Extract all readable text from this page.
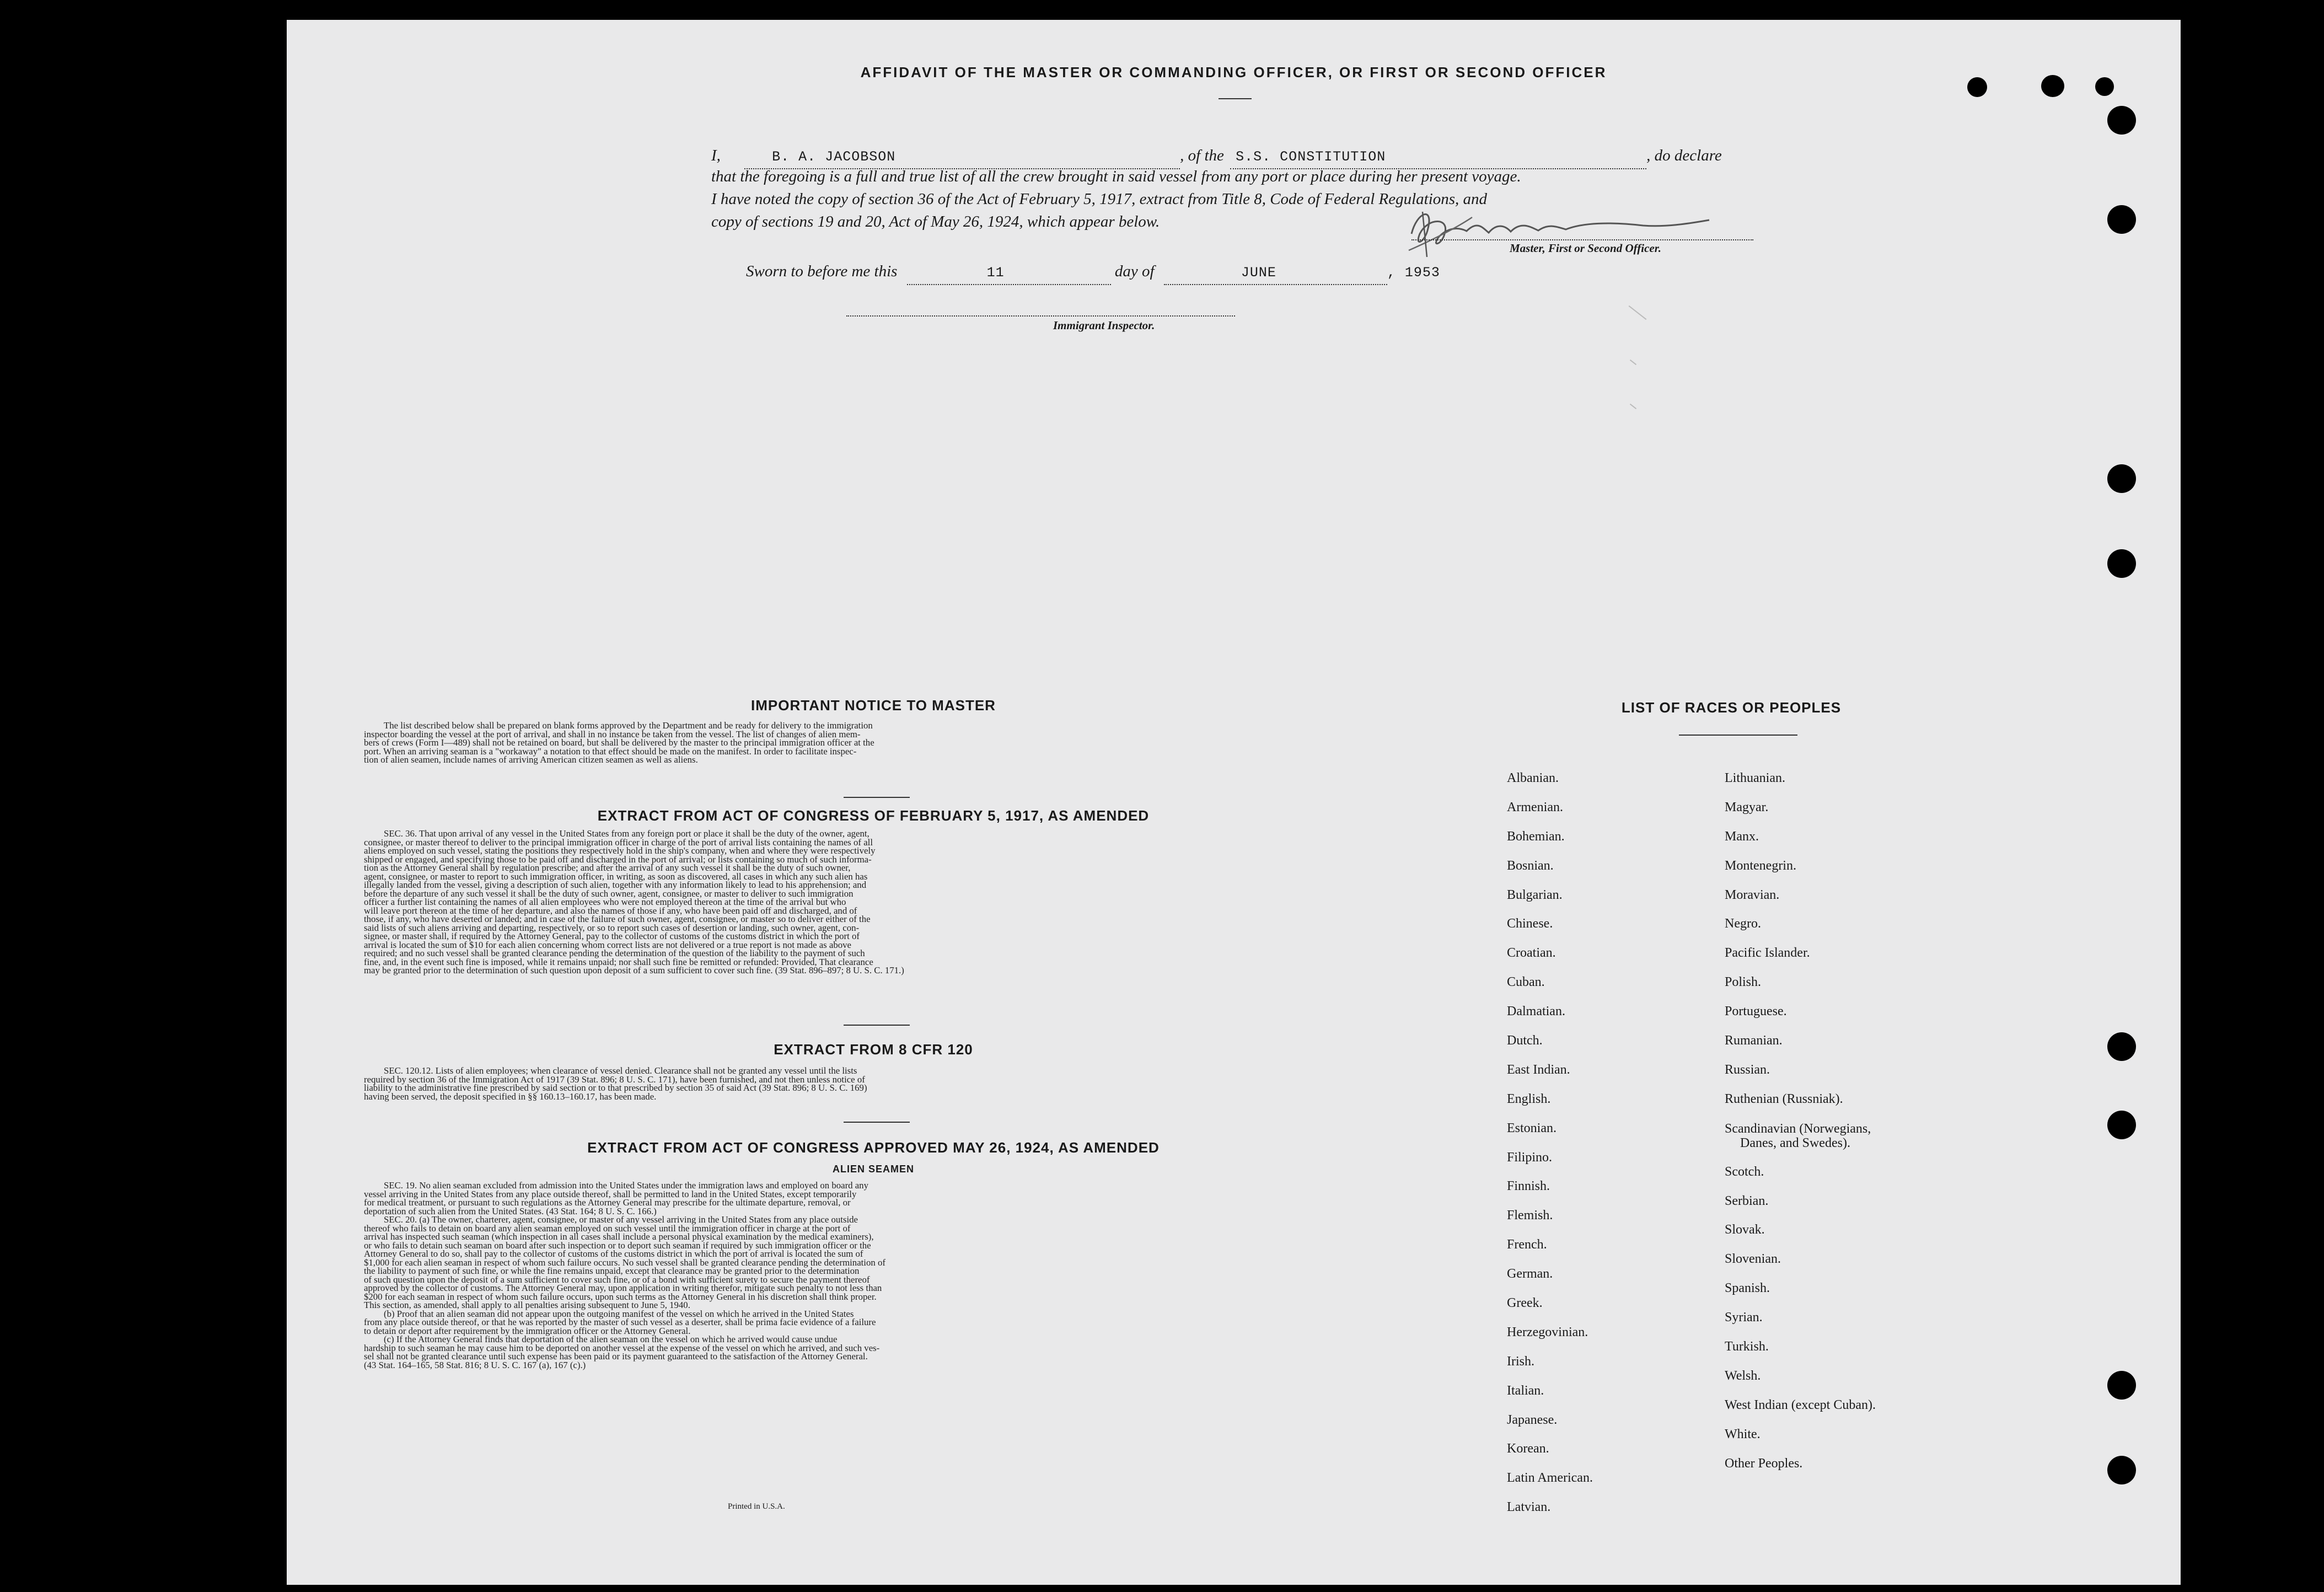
AFFIDAVIT OF THE MASTER OR COMMANDING OFFICER, OR FIRST OR SECOND OFFICER
I,	B. A. JACOBSON	, of the S.S. CONSTITUTION	, do declare
that the foregoing is a full and true list of all the crew brought in said vessel from any port or place during her present voyage.
I have noted the copy of section 36 of the Act of February 5, 1917, extract from Title 8, Code of Federal Regulations, and
copy of sections 19 and 20, Act of May 26, 1924, which appear below.
Master, First or Second Officer.
Sworn to before me this	11	day of	JUNE	, 1953
Immigrant Inspector.
IMPORTANT NOTICE TO MASTER
The list described below shall be prepared on blank forms approved by the Department and be ready for delivery to the immigration
inspector boarding the vessel at the port of arrival, and shall in no instance be taken from the vessel. The list of changes of alien mem-
bers of crews (Form I—489) shall not be retained on board, but shall be delivered by the master to the principal immigration officer at the
port. When an arriving seaman is a "workaway" a notation to that effect should be made on the manifest. In order to facilitate inspec-
tion of alien seamen, include names of arriving American citizen seamen as well as aliens.
EXTRACT FROM ACT OF CONGRESS OF FEBRUARY 5, 1917, AS AMENDED
SEC. 36. That upon arrival of any vessel in the United States from any foreign port or place it shall be the duty of the owner, agent,
consignee, or master thereof to deliver to the principal immigration officer in charge of the port of arrival lists containing the names of all
aliens employed on such vessel, stating the positions they respectively hold in the ship's company, when and where they were respectively
shipped or engaged, and specifying those to be paid off and discharged in the port of arrival; or lists containing so much of such informa-
tion as the Attorney General shall by regulation prescribe; and after the arrival of any such vessel it shall be the duty of such owner,
agent, consignee, or master to report to such immigration officer, in writing, as soon as discovered, all cases in which any such alien has
illegally landed from the vessel, giving a description of such alien, together with any information likely to lead to his apprehension; and
before the departure of any such vessel it shall be the duty of such owner, agent, consignee, or master to deliver to such immigration
officer a further list containing the names of all alien employees who were not employed thereon at the time of the arrival but who
will leave port thereon at the time of her departure, and also the names of those if any, who have been paid off and discharged, and of
those, if any, who have deserted or landed; and in case of the failure of such owner, agent, consignee, or master so to deliver either of the
said lists of such aliens arriving and departing, respectively, or so to report such cases of desertion or landing, such owner, agent, con-
signee, or master shall, if required by the Attorney General, pay to the collector of customs of the customs district in which the port of
arrival is located the sum of $10 for each alien concerning whom correct lists are not delivered or a true report is not made as above
required; and no such vessel shall be granted clearance pending the determination of the question of the liability to the payment of such
fine, and, in the event such fine is imposed, while it remains unpaid; nor shall such fine be remitted or refunded: Provided, That clearance
may be granted prior to the determination of such question upon deposit of a sum sufficient to cover such fine. (39 Stat. 896–897; 8 U. S. C. 171.)
EXTRACT FROM 8 CFR 120
SEC. 120.12. Lists of alien employees; when clearance of vessel denied. Clearance shall not be granted any vessel until the lists
required by section 36 of the Immigration Act of 1917 (39 Stat. 896; 8 U. S. C. 171), have been furnished, and not then unless notice of
liability to the administrative fine prescribed by said section or to that prescribed by section 35 of said Act (39 Stat. 896; 8 U. S. C. 169)
having been served, the deposit specified in §§ 160.13–160.17, has been made.
EXTRACT FROM ACT OF CONGRESS APPROVED MAY 26, 1924, AS AMENDED
ALIEN SEAMEN
SEC. 19. No alien seaman excluded from admission into the United States under the immigration laws and employed on board any
vessel arriving in the United States from any place outside thereof, shall be permitted to land in the United States, except temporarily
for medical treatment, or pursuant to such regulations as the Attorney General may prescribe for the ultimate departure, removal, or
deportation of such alien from the United States. (43 Stat. 164; 8 U. S. C. 166.)
SEC. 20. (a) The owner, charterer, agent, consignee, or master of any vessel arriving in the United States from any place outside
thereof who fails to detain on board any alien seaman employed on such vessel until the immigration officer in charge at the port of
arrival has inspected such seaman (which inspection in all cases shall include a personal physical examination by the medical examiners),
or who fails to detain such seaman on board after such inspection or to deport such seaman if required by such immigration officer or the
Attorney General to do so, shall pay to the collector of customs of the customs district in which the port of arrival is located the sum of
$1,000 for each alien seaman in respect of whom such failure occurs. No such vessel shall be granted clearance pending the determination of
the liability to payment of such fine, or while the fine remains unpaid, except that clearance may be granted prior to the determination
of such question upon the deposit of a sum sufficient to cover such fine, or of a bond with sufficient surety to secure the payment thereof
approved by the collector of customs. The Attorney General may, upon application in writing therefor, mitigate such penalty to not less than
$200 for each seaman in respect of whom such failure occurs, upon such terms as the Attorney General in his discretion shall think proper.
This section, as amended, shall apply to all penalties arising subsequent to June 5, 1940.
(b) Proof that an alien seaman did not appear upon the outgoing manifest of the vessel on which he arrived in the United States
from any place outside thereof, or that he was reported by the master of such vessel as a deserter, shall be prima facie evidence of a failure
to detain or deport after requirement by the immigration officer or the Attorney General.
(c) If the Attorney General finds that deportation of the alien seaman on the vessel on which he arrived would cause undue
hardship to such seaman he may cause him to be deported on another vessel at the expense of the vessel on which he arrived, and such ves-
sel shall not be granted clearance until such expense has been paid or its payment guaranteed to the satisfaction of the Attorney General.
(43 Stat. 164–165, 58 Stat. 816; 8 U. S. C. 167 (a), 167 (c).)
Printed in U.S.A.
LIST OF RACES OR PEOPLES
Albanian.
Armenian.
Bohemian.
Bosnian.
Bulgarian.
Chinese.
Croatian.
Cuban.
Dalmatian.
Dutch.
East Indian.
English.
Estonian.
Filipino.
Finnish.
Flemish.
French.
German.
Greek.
Herzegovinian.
Irish.
Italian.
Japanese.
Korean.
Latin American.
Latvian.
Lithuanian.
Magyar.
Manx.
Montenegrin.
Moravian.
Negro.
Pacific Islander.
Polish.
Portuguese.
Rumanian.
Russian.
Ruthenian (Russniak).
Scandinavian (Norwegians,
Danes, and Swedes).
Scotch.
Serbian.
Slovak.
Slovenian.
Spanish.
Syrian.
Turkish.
Welsh.
West Indian (except Cuban).
White.
Other Peoples.
